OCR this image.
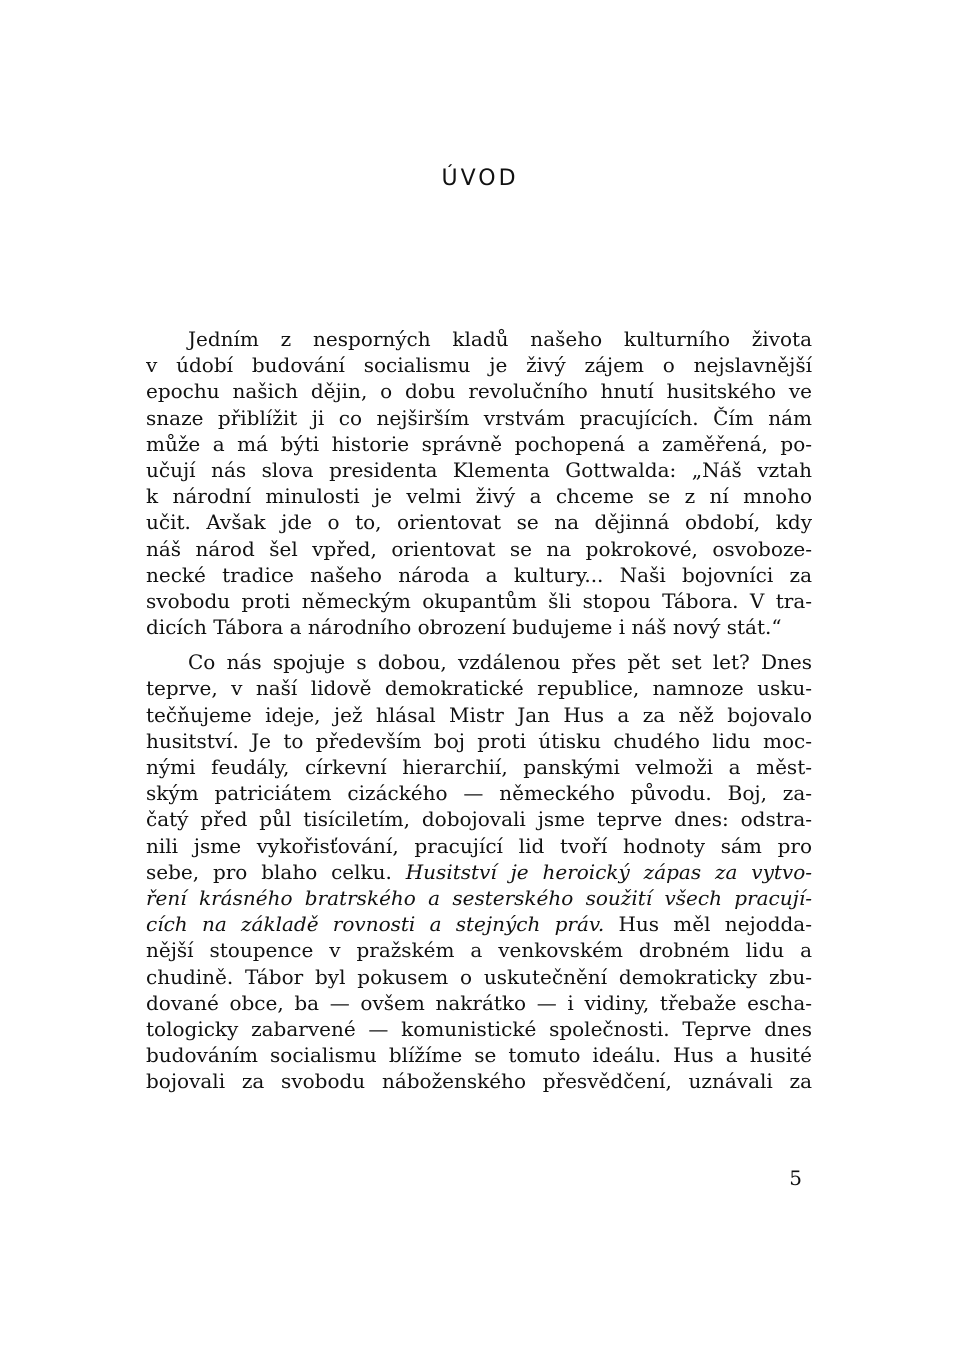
ÚVOD
Jedním z nesporných kladů našeho kulturního života
v údobí budování socialismu je živý zájem o nejslavnější
epochu našich dějin, o dobu revolučního hnutí husitského ve
snaze přiblížit ji co nejširším vrstvám pracujících. Čím nám
může a má býti historie správně pochopená a zaměřená, po-
učují nás slova presidenta Klementa Gottwalda: „Náš vztah
k národní minulosti je velmi živý a chceme se z ní mnoho
učit. Avšak jde o to, orientovat se na dějinná období, kdy
náš národ šel vpřed, orientovat se na pokrokové, osvoboze-
necké tradice našeho národa a kultury... Naši bojovníci za
svobodu proti německým okupantům šli stopou Tábora. V tra-
dicích Tábora a národního obrození budujeme i náš nový stát.“
Co nás spojuje s dobou, vzdálenou přes pět set let? Dnes
teprve, v naší lidově demokratické republice, namnoze usku-
tečňujeme ideje, jež hlásal Mistr Jan Hus a za něž bojovalo
husitství. Je to především boj proti útisku chudého lidu moc-
nými feudály, církevní hierarchií, panskými velmoži a měst-
ským patriciátem cizáckého — německého původu. Boj, za-
čatý před půl tisíciletím, dobojovali jsme teprve dnes: odstra-
nili jsme vykořisťování, pracující lid tvoří hodnoty sám pro
sebe, pro blaho celku. Husitství je heroický zápas za vytvo-
ření krásného bratrského a sesterského soužití všech pracují-
cích na základě rovnosti a stejných práv. Hus měl nejodda-
nější stoupence v pražském a venkovském drobném lidu a
chudině. Tábor byl pokusem o uskutečnění demokraticky zbu-
dované obce, ba — ovšem nakrátko — i vidiny, třebaže escha-
tologicky zabarvené — komunistické společnosti. Teprve dnes
budováním socialismu blížíme se tomuto ideálu. Hus a husité
bojovali za svobodu náboženského přesvědčení, uznávali za
5
